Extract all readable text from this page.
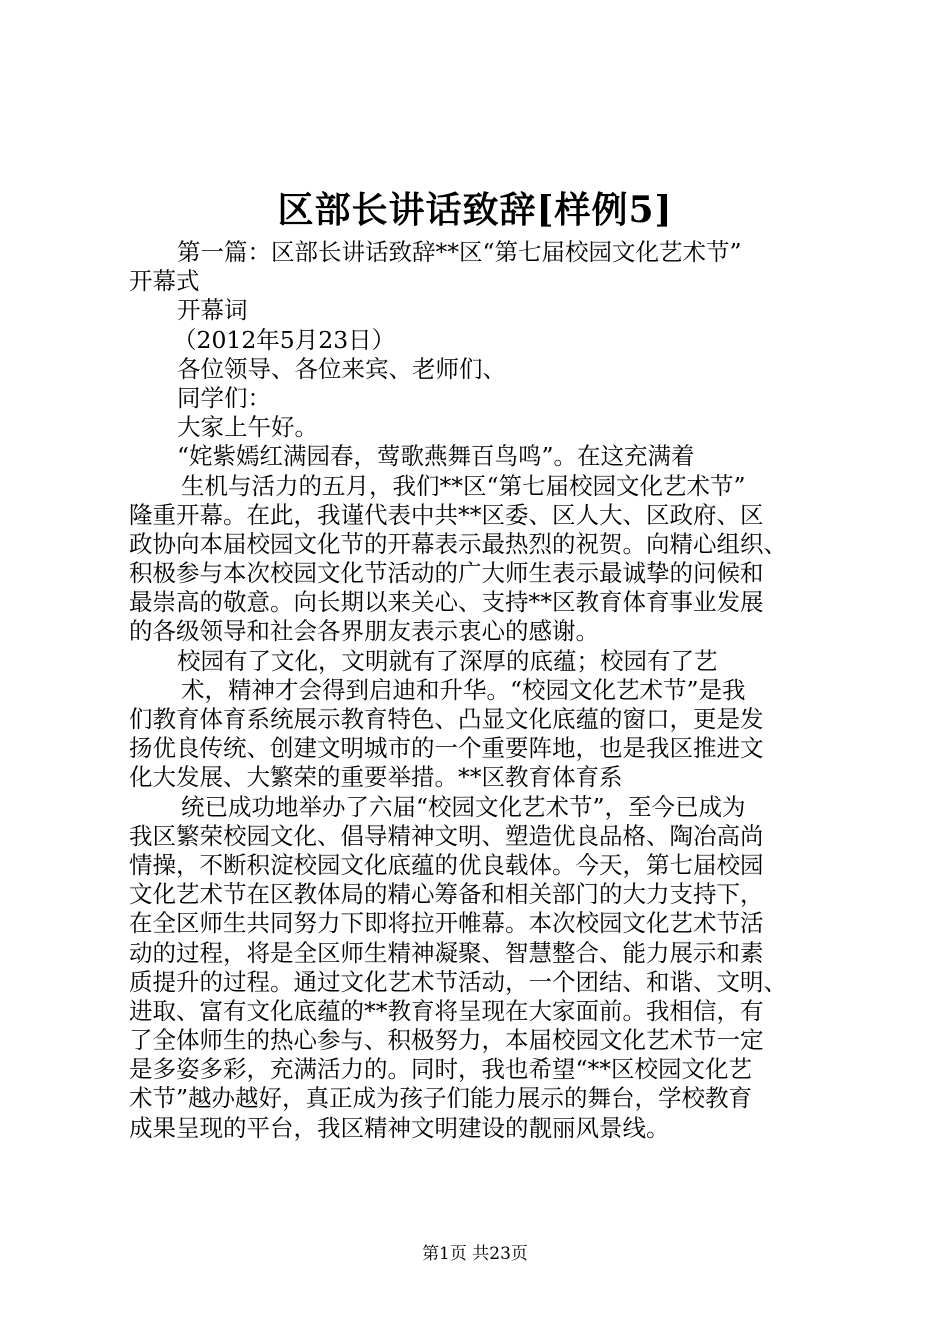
区部长讲话致辞[样例5]
第一篇：区部长讲话致辞**区“第七届校园文化艺术节”
开幕式
开幕词
（2012年5月23日）
各位领导、各位来宾、老师们、
同学们：
大家上午好。
“姹紫嫣红满园春，莺歌燕舞百鸟鸣”。在这充满着
生机与活力的五月，我们**区“第七届校园文化艺术节”
隆重开幕。在此，我谨代表中共**区委、区人大、区政府、区
政协向本届校园文化节的开幕表示最热烈的祝贺。向精心组织、
积极参与本次校园文化节活动的广大师生表示最诚挚的问候和
最崇高的敬意。向长期以来关心、支持**区教育体育事业发展
的各级领导和社会各界朋友表示衷心的感谢。
校园有了文化，文明就有了深厚的底蕴；校园有了艺
术，精神才会得到启迪和升华。“校园文化艺术节”是我
们教育体育系统展示教育特色、凸显文化底蕴的窗口，更是发
扬优良传统、创建文明城市的一个重要阵地，也是我区推进文
化大发展、大繁荣的重要举措。**区教育体育系
统已成功地举办了六届“校园文化艺术节”，至今已成为
我区繁荣校园文化、倡导精神文明、塑造优良品格、陶冶高尚
情操，不断积淀校园文化底蕴的优良载体。今天，第七届校园
文化艺术节在区教体局的精心筹备和相关部门的大力支持下，
在全区师生共同努力下即将拉开帷幕。本次校园文化艺术节活
动的过程，将是全区师生精神凝聚、智慧整合、能力展示和素
质提升的过程。通过文化艺术节活动，一个团结、和谐、文明、
进取、富有文化底蕴的**教育将呈现在大家面前。我相信，有
了全体师生的热心参与、积极努力，本届校园文化艺术节一定
是多姿多彩，充满活力的。同时，我也希望“**区校园文化艺
术节”越办越好，真正成为孩子们能力展示的舞台，学校教育
成果呈现的平台，我区精神文明建设的靓丽风景线。
第1页 共23页
